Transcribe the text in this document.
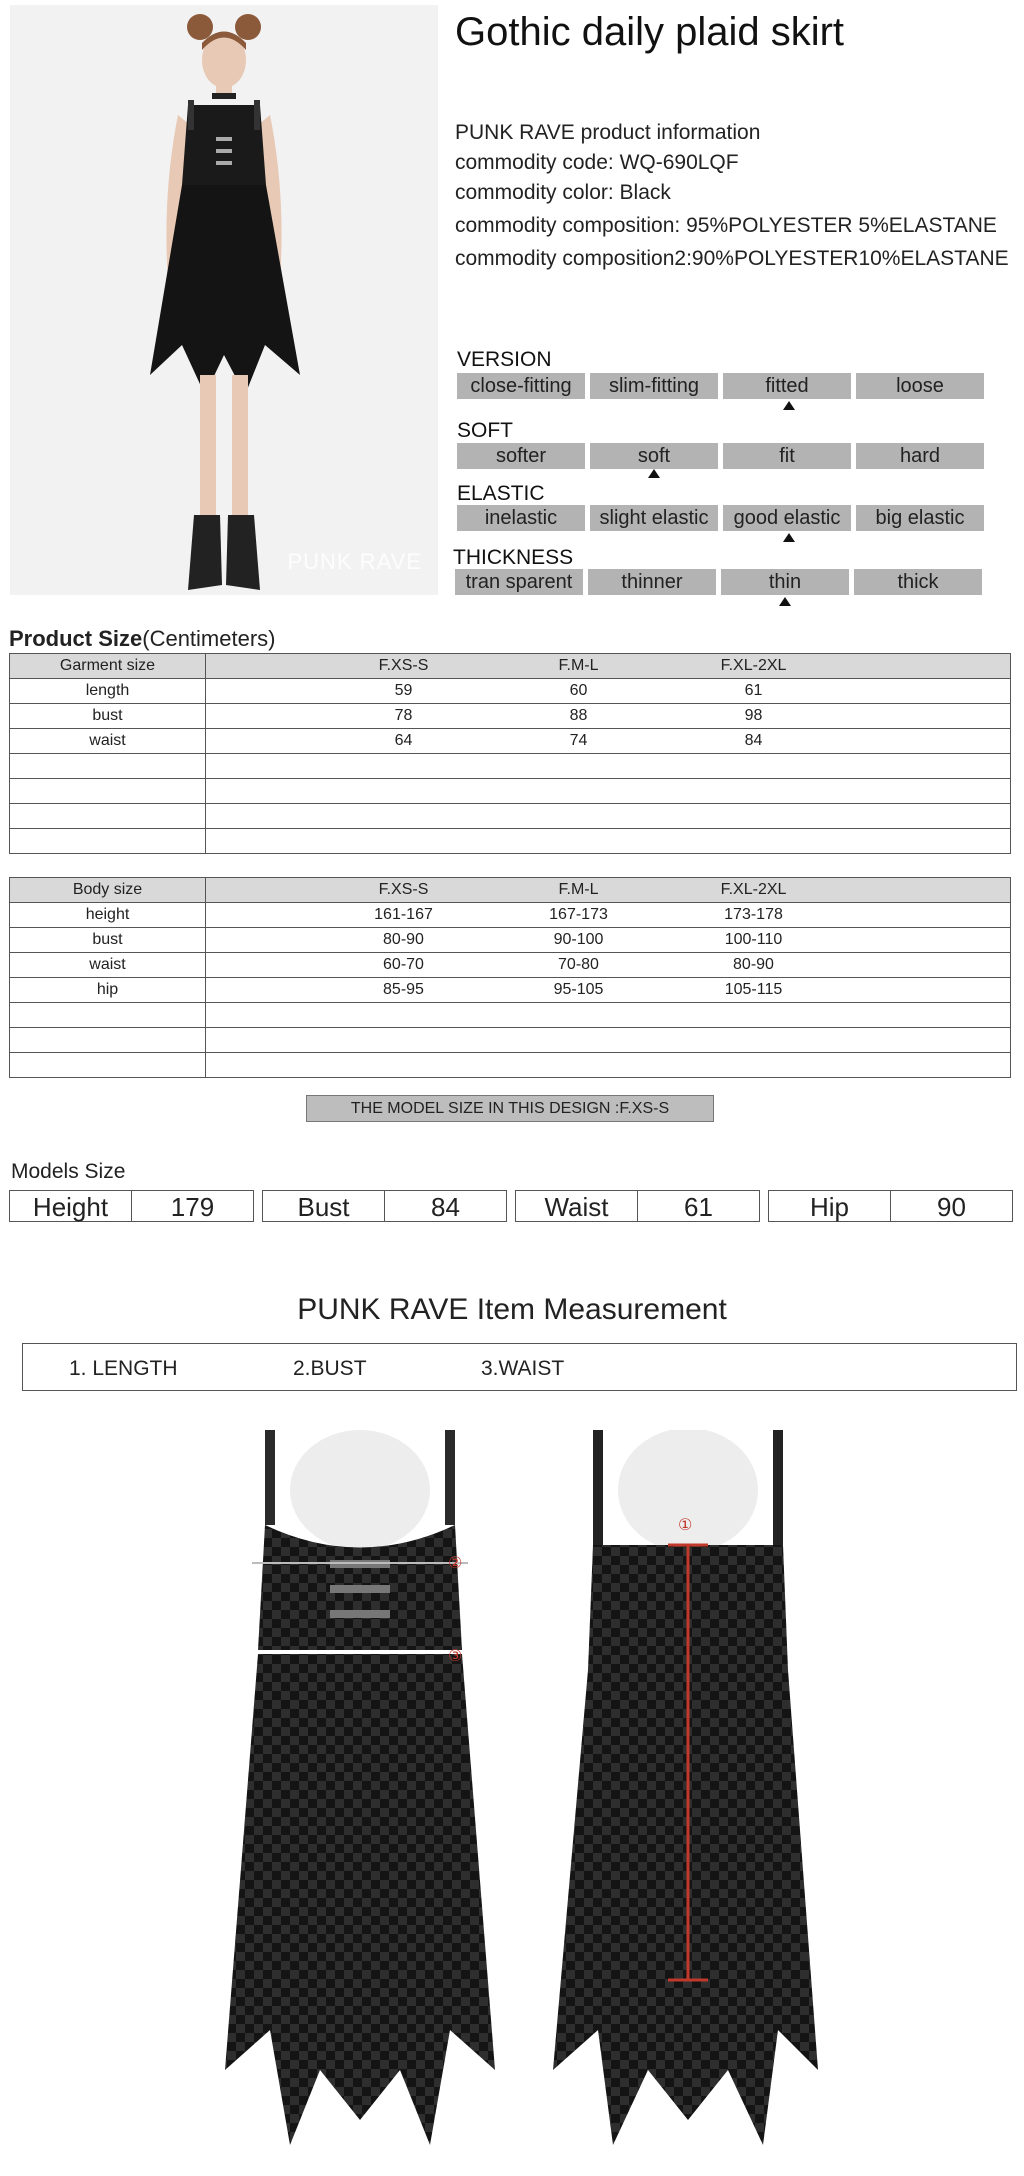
PUNK RAVE
Gothic daily plaid skirt
PUNK RAVE product information
commodity code: WQ-690LQF
commodity color: Black
commodity composition: 95%POLYESTER 5%ELASTANE
commodity composition2:90%POLYESTER10%ELASTANE
VERSION
close-fitting	slim-fitting	fitted	loose
SOFT
softer	soft	fit	hard
ELASTIC
inelastic	slight elastic	good elastic	big elastic
THICKNESS
tran sparent	thinner	thin	thick
Product Size(Centimeters)
Garment size	F.XS-S F.M-L F.XL-2XL

length	59 60 61

bust	78 88 98

waist	64 74 84

Body size	F.XS-S F.M-L F.XL-2XL

height	161-167 167-173 173-178

bust	80-90 90-100 100-110

waist	60-70 70-80 80-90

hip	85-95 95-105 105-115

THE MODEL SIZE IN THIS DESIGN :F.XS-S
Models Size
Height	179	Bust	84	Waist	61	Hip	90
PUNK RAVE Item Measurement
1. LENGTH	2.BUST	3.WAIST
②
③
①
